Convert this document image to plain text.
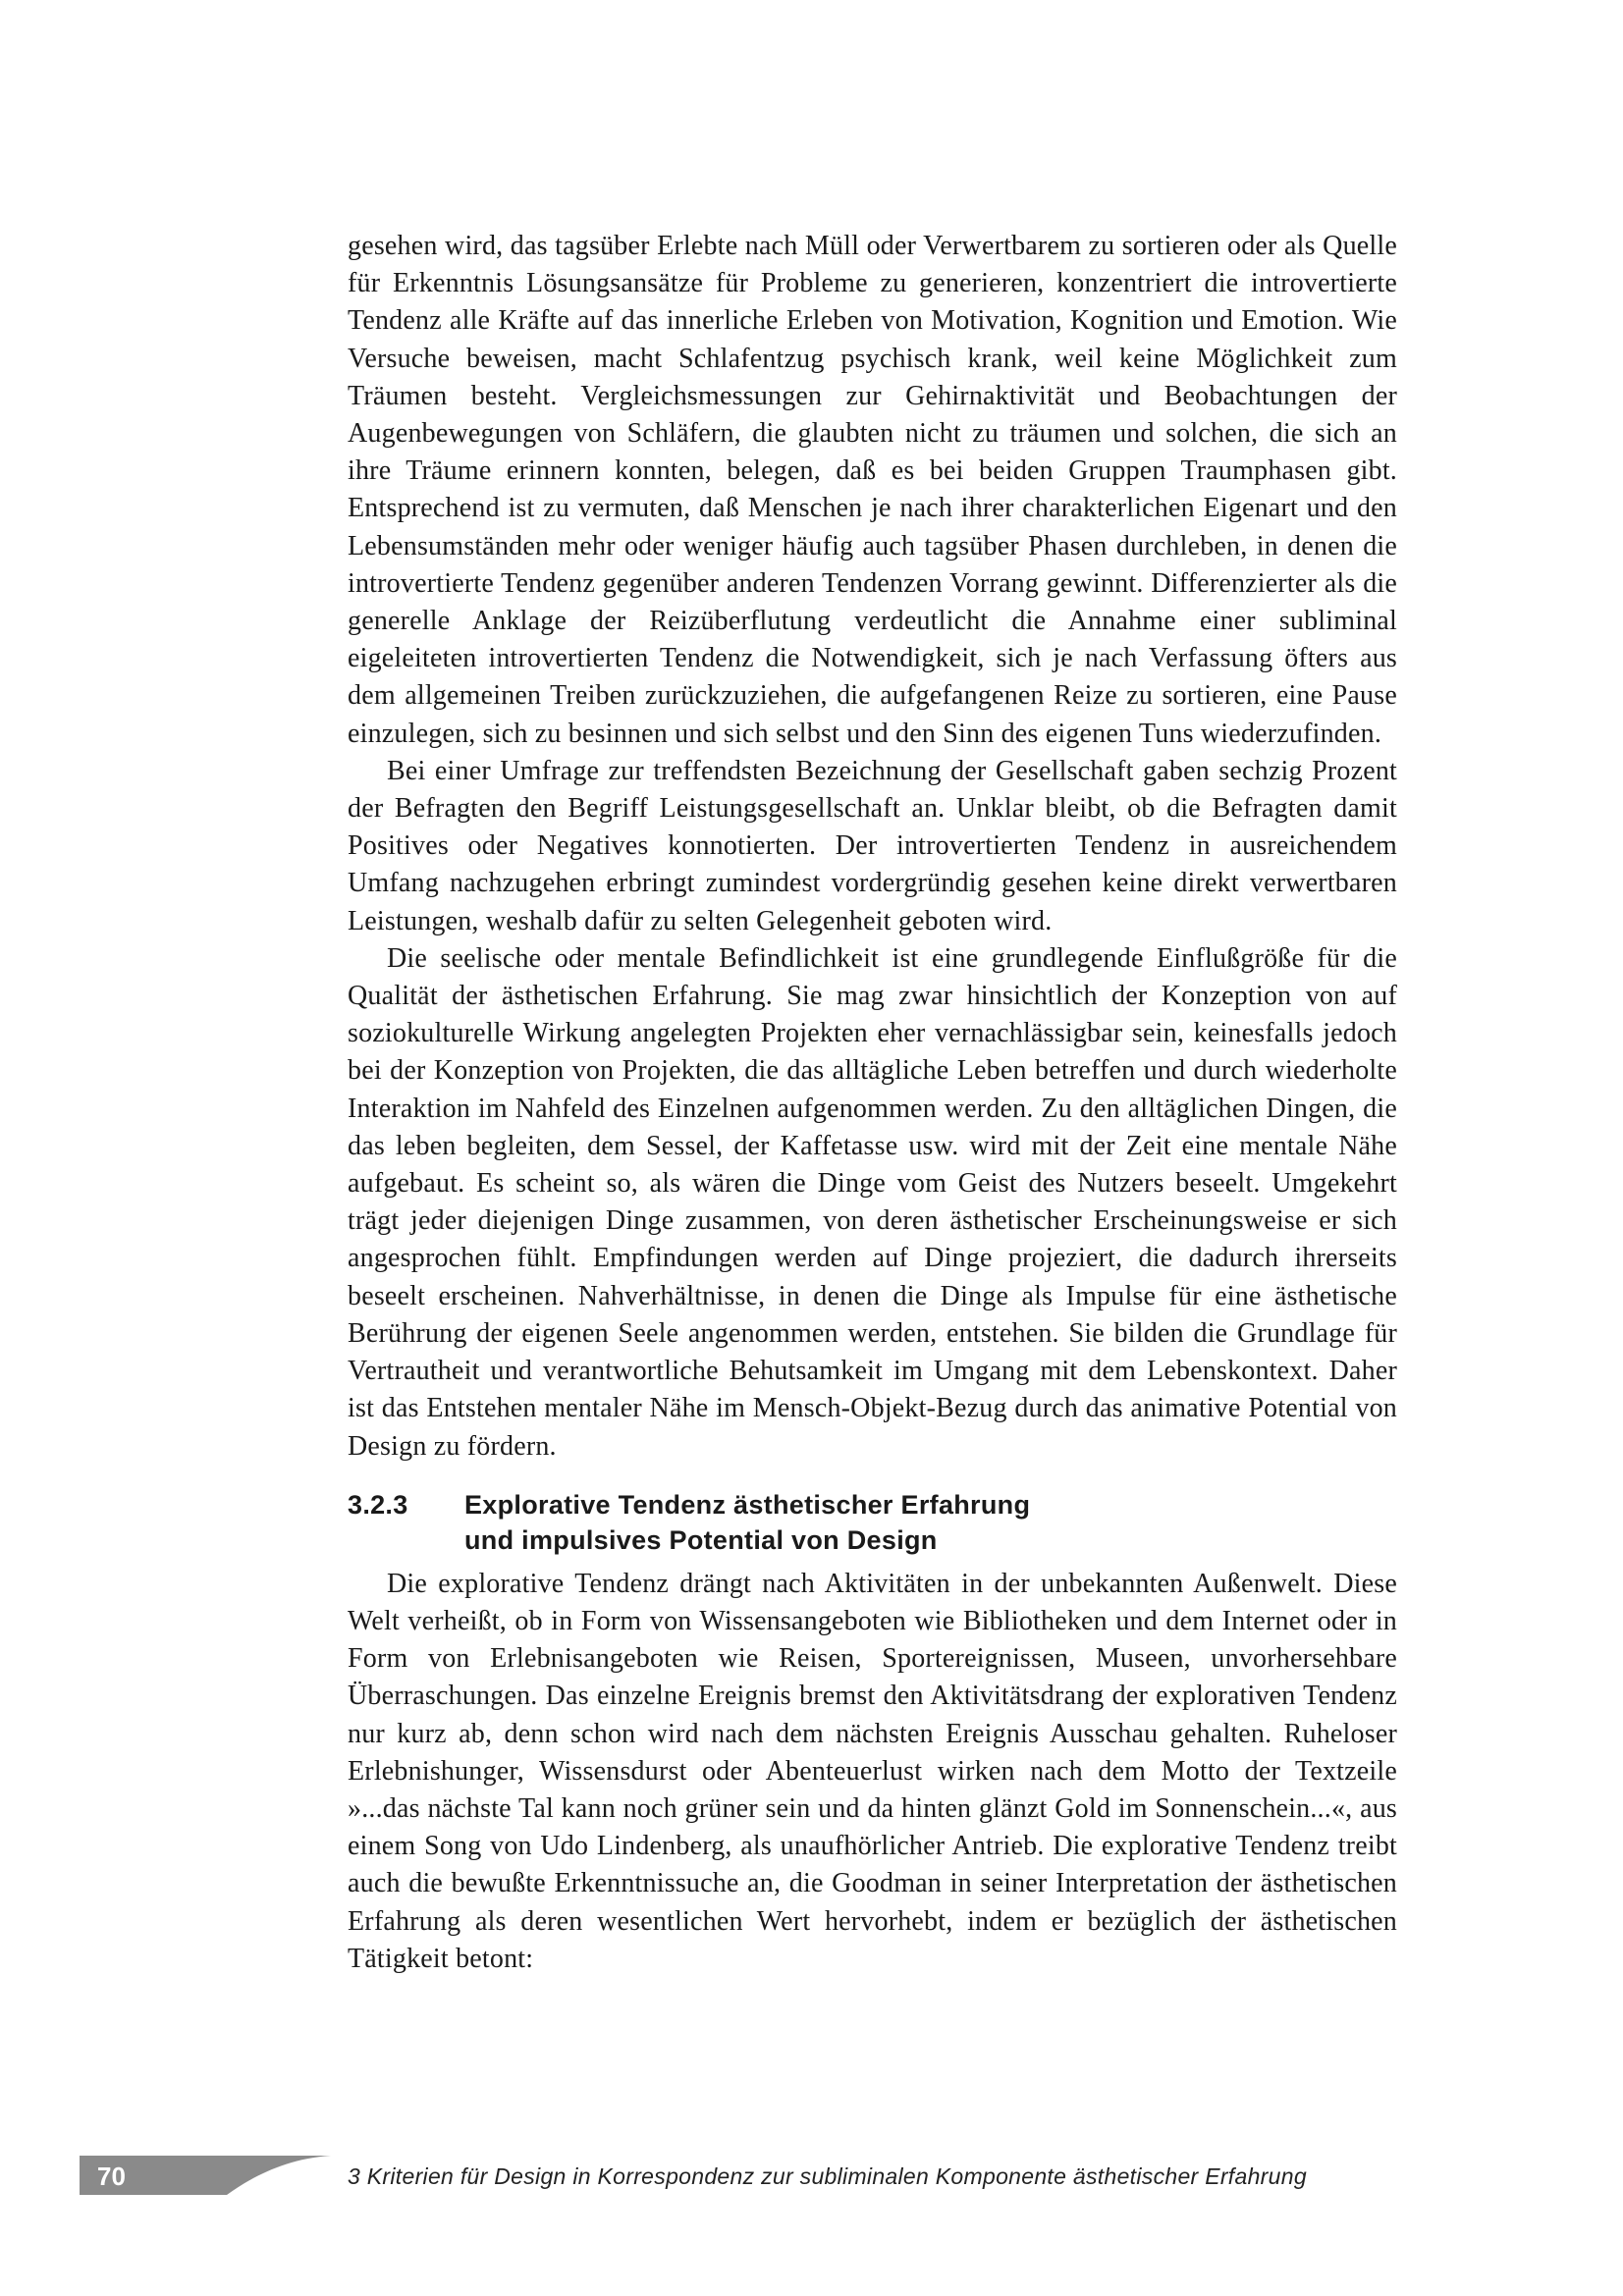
gesehen wird, das tagsüber Erlebte nach Müll oder Verwertbarem zu sortieren oder als Quelle für Erkenntnis Lösungsansätze für Probleme zu generieren, konzentriert die introvertierte Tendenz alle Kräfte auf das innerliche Erleben von Motivation, Kognition und Emotion. Wie Versuche beweisen, macht Schlafentzug psychisch krank, weil keine Möglichkeit zum Träumen besteht. Vergleichsmessungen zur Gehirnaktivität und Beobachtungen der Augenbewegungen von Schläfern, die glaubten nicht zu träumen und solchen, die sich an ihre Träume erinnern konnten, belegen, daß es bei beiden Gruppen Traumphasen gibt. Entsprechend ist zu vermuten, daß Menschen je nach ihrer charakterlichen Eigenart und den Lebensumständen mehr oder weniger häufig auch tagsüber Phasen durchleben, in denen die introvertierte Tendenz gegenüber anderen Tendenzen Vorrang gewinnt. Differenzierter als die generelle Anklage der Reizüberflutung verdeutlicht die Annahme einer subliminal eigeleiteten introvertierten Tendenz die Notwendigkeit, sich je nach Verfassung öfters aus dem allgemeinen Treiben zurückzuziehen, die aufgefangenen Reize zu sortieren, eine Pause einzulegen, sich zu besinnen und sich selbst und den Sinn des eigenen Tuns wiederzufinden.

Bei einer Umfrage zur treffendsten Bezeichnung der Gesellschaft gaben sechzig Prozent der Befragten den Begriff Leistungsgesellschaft an. Unklar bleibt, ob die Befragten damit Positives oder Negatives konnotierten. Der introvertierten Tendenz in ausreichendem Umfang nachzugehen erbringt zumindest vordergründig gesehen keine direkt verwertbaren Leistungen, weshalb dafür zu selten Gelegenheit geboten wird.

Die seelische oder mentale Befindlichkeit ist eine grundlegende Einflußgröße für die Qualität der ästhetischen Erfahrung. Sie mag zwar hinsichtlich der Konzeption von auf soziokulturelle Wirkung angelegten Projekten eher vernachlässigbar sein, keinesfalls jedoch bei der Konzeption von Projekten, die das alltägliche Leben betreffen und durch wiederholte Interaktion im Nahfeld des Einzelnen aufgenommen werden. Zu den alltäglichen Dingen, die das leben begleiten, dem Sessel, der Kaffetasse usw. wird mit der Zeit eine mentale Nähe aufgebaut. Es scheint so, als wären die Dinge vom Geist des Nutzers beseelt. Umgekehrt trägt jeder diejenigen Dinge zusammen, von deren ästhetischer Erscheinungsweise er sich angesprochen fühlt. Empfindungen werden auf Dinge projeziert, die dadurch ihrerseits beseelt erscheinen. Nahverhältnisse, in denen die Dinge als Impulse für eine ästhetische Berührung der eigenen Seele angenommen werden, entstehen. Sie bilden die Grundlage für Vertrautheit und verantwortliche Behutsamkeit im Umgang mit dem Lebenskontext. Daher ist das Entstehen mentaler Nähe im Mensch-Objekt-Bezug durch das animative Potential von Design zu fördern.

3.2.3	Explorative Tendenz ästhetischer Erfahrung
und impulsives Potential von Design

Die explorative Tendenz drängt nach Aktivitäten in der unbekannten Außenwelt. Diese Welt verheißt, ob in Form von Wissensangeboten wie Bibliotheken und dem Internet oder in Form von Erlebnisangeboten wie Reisen, Sportereignissen, Museen, unvorhersehbare Überraschungen. Das einzelne Ereignis bremst den Aktivitätsdrang der explorativen Tendenz nur kurz ab, denn schon wird nach dem nächsten Ereignis Ausschau gehalten. Ruheloser Erlebnishunger, Wissensdurst oder Abenteuerlust wirken nach dem Motto der Textzeile »...das nächste Tal kann noch grüner sein und da hinten glänzt Gold im Sonnenschein...«, aus einem Song von Udo Lindenberg, als unaufhörlicher Antrieb. Die explorative Tendenz treibt auch die bewußte Erkenntnissuche an, die Goodman in seiner Interpretation der ästhetischen Erfahrung als deren wesentlichen Wert hervorhebt, indem er bezüglich der ästhetischen Tätigkeit betont:

70	3 Kriterien für Design in Korrespondenz zur subliminalen Komponente ästhetischer Erfahrung
